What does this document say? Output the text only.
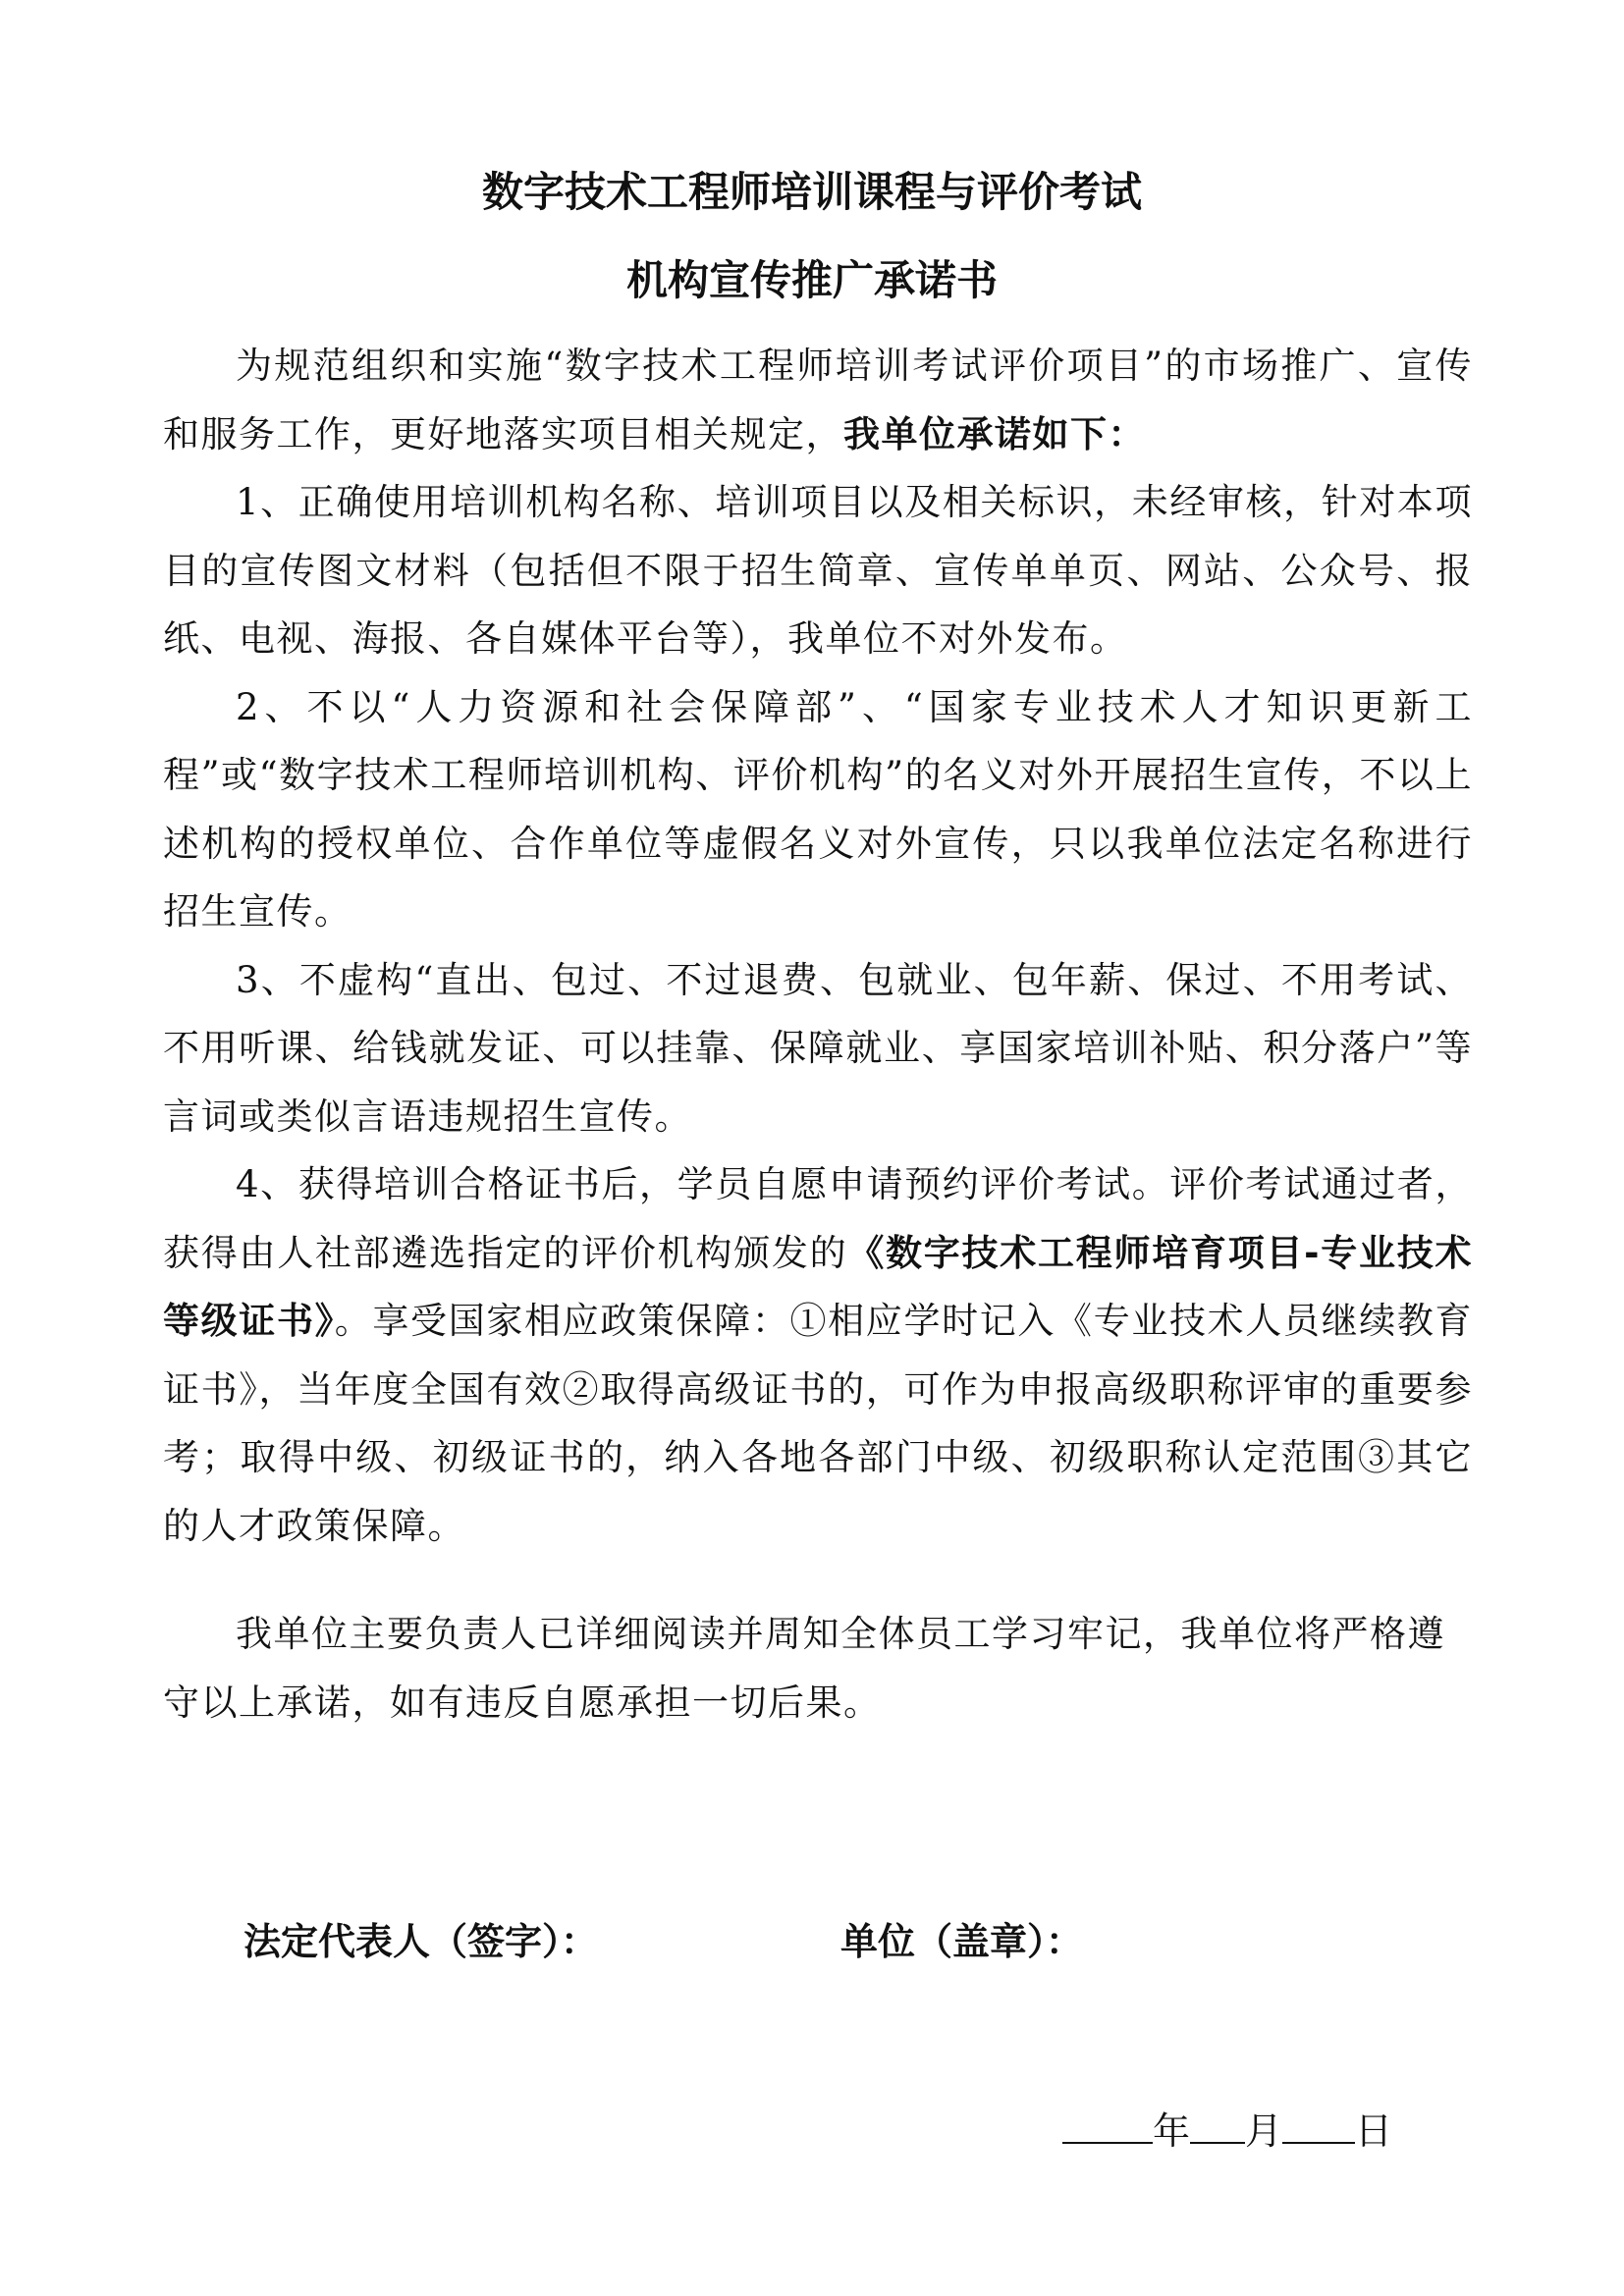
数字技术工程师培训课程与评价考试
机构宣传推广承诺书

为规范组织和实施“数字技术工程师培训考试评价项目”的市场推广、宣传和服务工作，更好地落实项目相关规定，我单位承诺如下：

1、正确使用培训机构名称、培训项目以及相关标识，未经审核，针对本项目的宣传图文材料（包括但不限于招生简章、宣传单单页、网站、公众号、报纸、电视、海报、各自媒体平台等），我单位不对外发布。

2、不以“人力资源和社会保障部”、“国家专业技术人才知识更新工程”或“数字技术工程师培训机构、评价机构”的名义对外开展招生宣传，不以上述机构的授权单位、合作单位等虚假名义对外宣传，只以我单位法定名称进行招生宣传。

3、不虚构“直出、包过、不过退费、包就业、包年薪、保过、不用考试、不用听课、给钱就发证、可以挂靠、保障就业、享国家培训补贴、积分落户”等言词或类似言语违规招生宣传。

4、获得培训合格证书后，学员自愿申请预约评价考试。评价考试通过者，获得由人社部遴选指定的评价机构颁发的《数字技术工程师培育项目-专业技术等级证书》。享受国家相应政策保障：①相应学时记入《专业技术人员继续教育证书》，当年度全国有效②取得高级证书的，可作为申报高级职称评审的重要参考；取得中级、初级证书的，纳入各地各部门中级、初级职称认定范围③其它的人才政策保障。

我单位主要负责人已详细阅读并周知全体员工学习牢记，我单位将严格遵守以上承诺，如有违反自愿承担一切后果。

法定代表人（签字）：	单位（盖章）：
年 月 日
